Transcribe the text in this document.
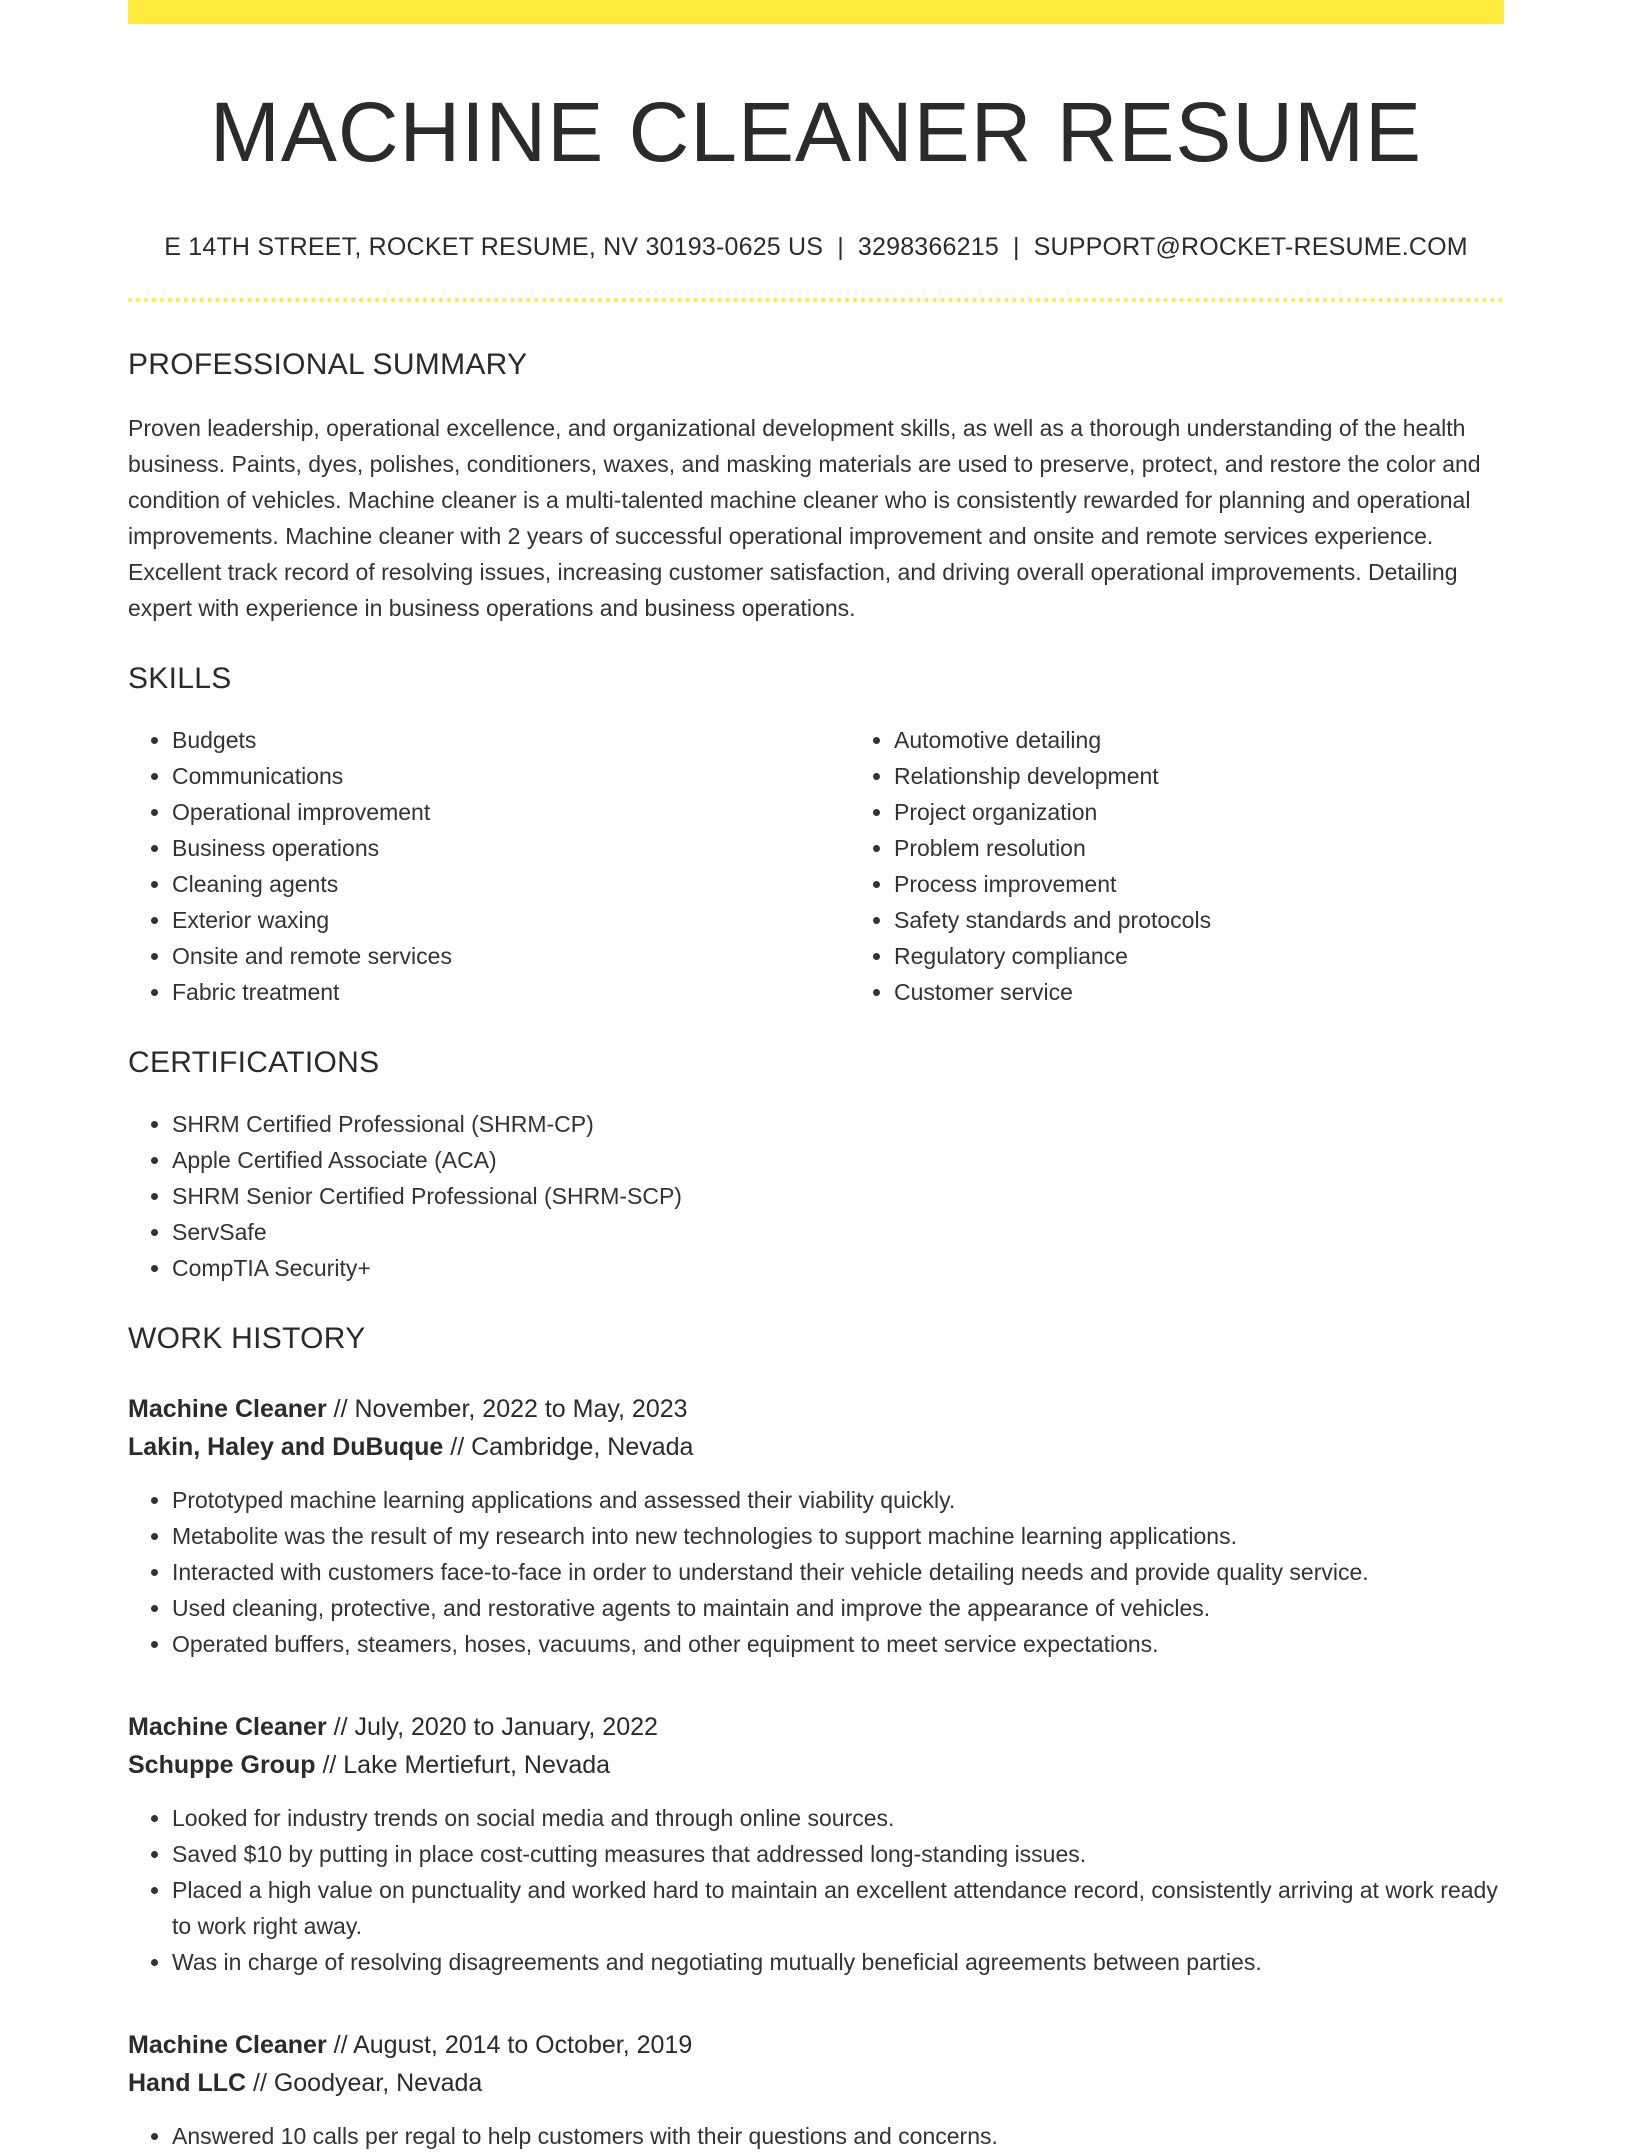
MACHINE CLEANER RESUME
E 14TH STREET, ROCKET RESUME, NV 30193-0625 US | 3298366215 | SUPPORT@ROCKET-RESUME.COM
PROFESSIONAL SUMMARY
Proven leadership, operational excellence, and organizational development skills, as well as a thorough understanding of the health business. Paints, dyes, polishes, conditioners, waxes, and masking materials are used to preserve, protect, and restore the color and condition of vehicles. Machine cleaner is a multi-talented machine cleaner who is consistently rewarded for planning and operational improvements. Machine cleaner with 2 years of successful operational improvement and onsite and remote services experience. Excellent track record of resolving issues, increasing customer satisfaction, and driving overall operational improvements. Detailing expert with experience in business operations and business operations.
SKILLS
• Budgets
• Communications
• Operational improvement
• Business operations
• Cleaning agents
• Exterior waxing
• Onsite and remote services
• Fabric treatment
• Automotive detailing
• Relationship development
• Project organization
• Problem resolution
• Process improvement
• Safety standards and protocols
• Regulatory compliance
• Customer service
CERTIFICATIONS
• SHRM Certified Professional (SHRM-CP)
• Apple Certified Associate (ACA)
• SHRM Senior Certified Professional (SHRM-SCP)
• ServSafe
• CompTIA Security+
WORK HISTORY
Machine Cleaner // November, 2022 to May, 2023
Lakin, Haley and DuBuque // Cambridge, Nevada
• Prototyped machine learning applications and assessed their viability quickly.
• Metabolite was the result of my research into new technologies to support machine learning applications.
• Interacted with customers face-to-face in order to understand their vehicle detailing needs and provide quality service.
• Used cleaning, protective, and restorative agents to maintain and improve the appearance of vehicles.
• Operated buffers, steamers, hoses, vacuums, and other equipment to meet service expectations.
Machine Cleaner // July, 2020 to January, 2022
Schuppe Group // Lake Mertiefurt, Nevada
• Looked for industry trends on social media and through online sources.
• Saved $10 by putting in place cost-cutting measures that addressed long-standing issues.
• Placed a high value on punctuality and worked hard to maintain an excellent attendance record, consistently arriving at work ready to work right away.
• Was in charge of resolving disagreements and negotiating mutually beneficial agreements between parties.
Machine Cleaner // August, 2014 to October, 2019
Hand LLC // Goodyear, Nevada
• Answered 10 calls per regal to help customers with their questions and concerns.
